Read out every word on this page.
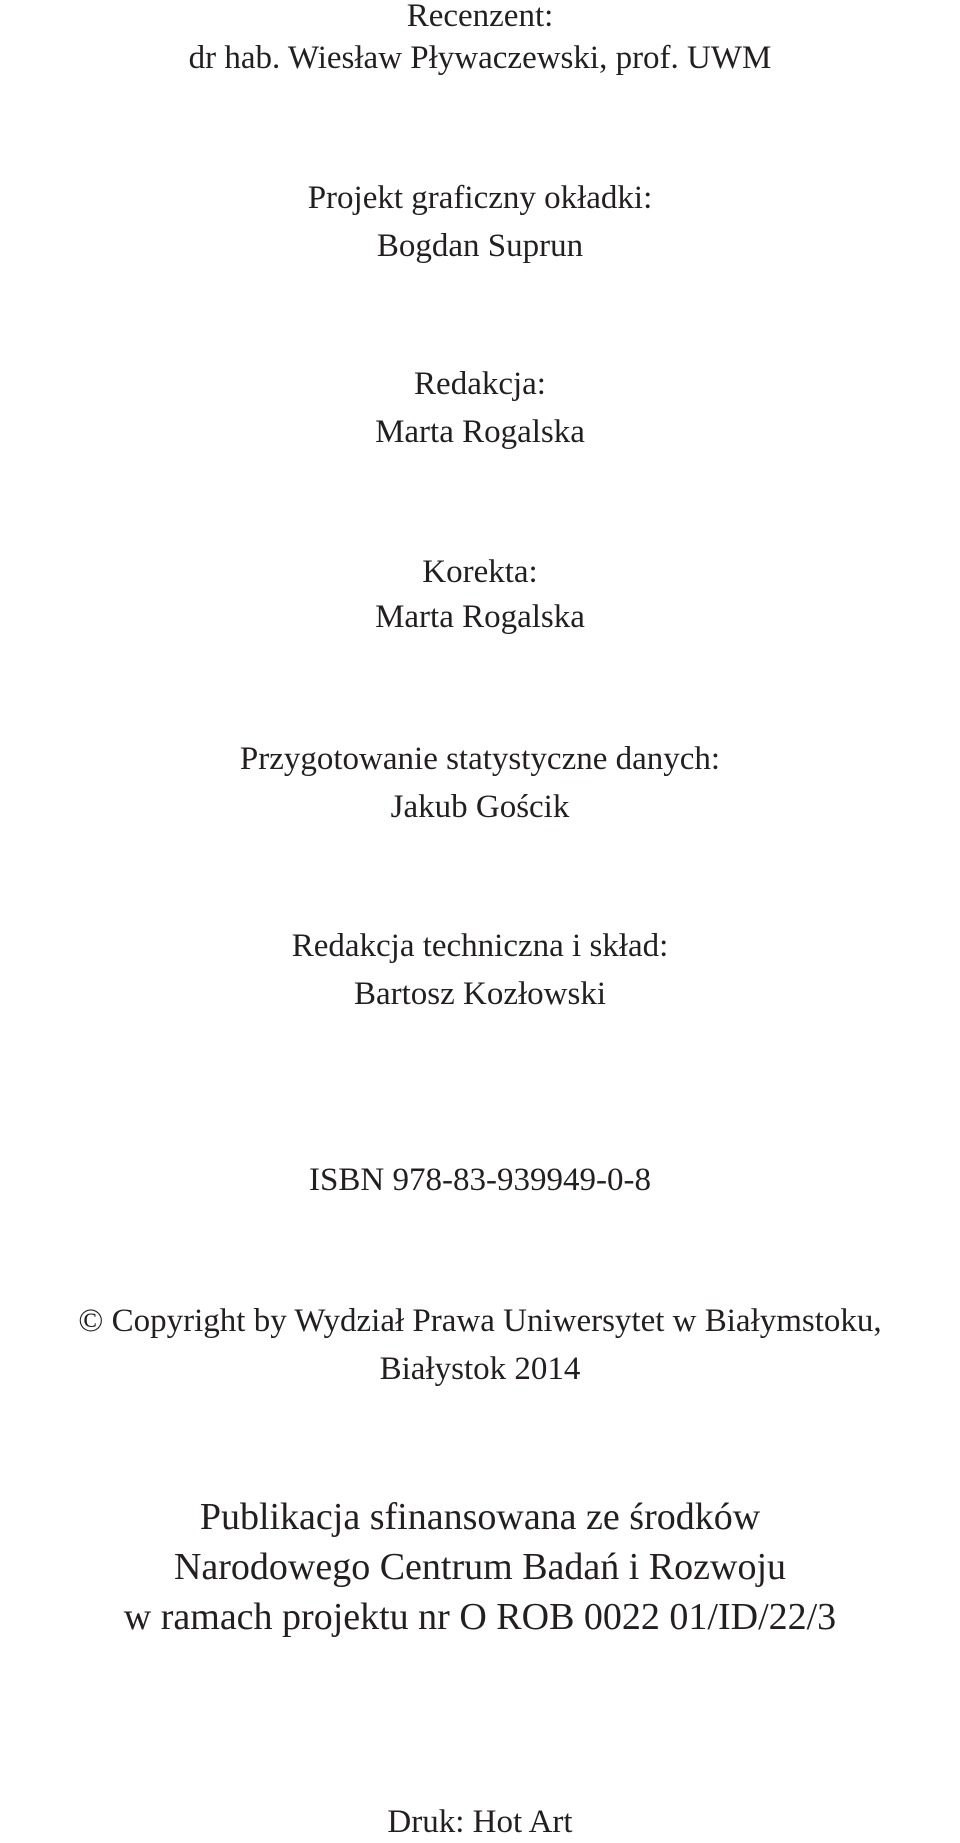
Recenzent:
dr hab. Wiesław Pływaczewski, prof. UWM
Projekt graficzny okładki:
Bogdan Suprun
Redakcja:
Marta Rogalska
Korekta:
Marta Rogalska
Przygotowanie statystyczne danych:
Jakub Gościk
Redakcja techniczna i skład:
Bartosz Kozłowski
ISBN 978-83-939949-0-8
© Copyright by Wydział Prawa Uniwersytet w Białymstoku,
Białystok 2014
Publikacja sfinansowana ze środków
Narodowego Centrum Badań i Rozwoju
w ramach projektu nr O ROB 0022 01/ID/22/3
Druk: Hot Art
